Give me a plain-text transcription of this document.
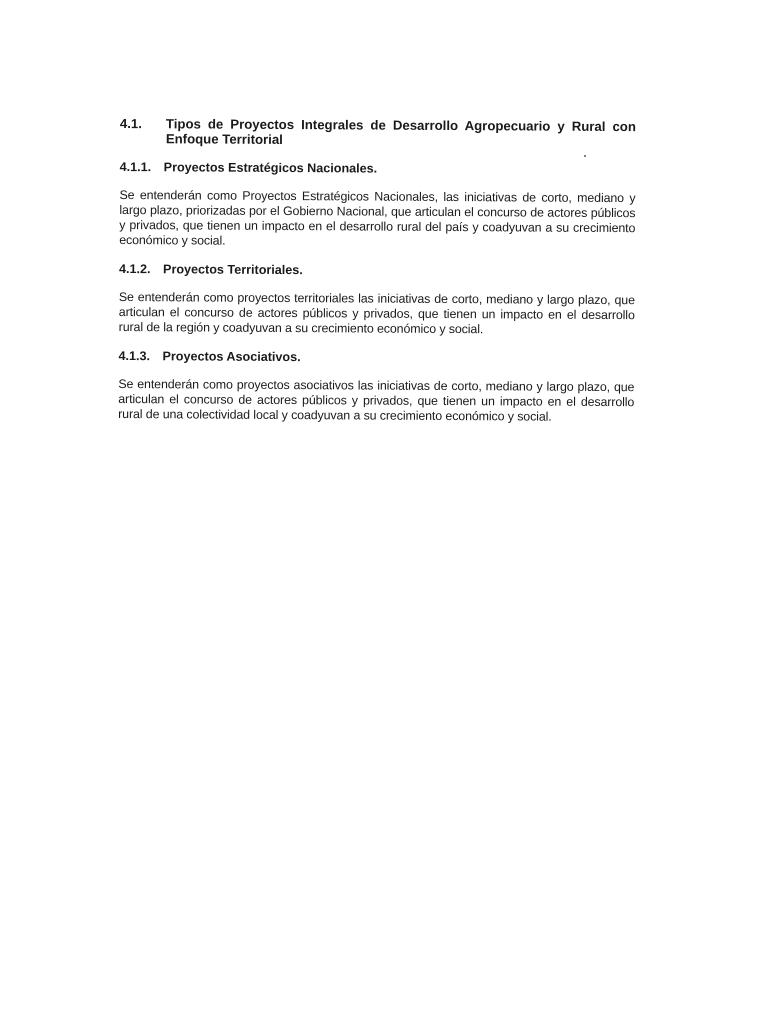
4.1.	Tipos de Proyectos Integrales de Desarrollo Agropecuario y Rural con Enfoque Territorial

4.1.1. Proyectos Estratégicos Nacionales.

Se entenderán como Proyectos Estratégicos Nacionales, las iniciativas de corto, mediano y largo plazo, priorizadas por el Gobierno Nacional, que articulan el concurso de actores públicos y privados, que tienen un impacto en el desarrollo rural del país y coadyuvan a su crecimiento económico y social.

4.1.2. Proyectos Territoriales.

Se entenderán como proyectos territoriales las iniciativas de corto, mediano y largo plazo, que articulan el concurso de actores públicos y privados, que tienen un impacto en el desarrollo rural de la región y coadyuvan a su crecimiento económico y social.

4.1.3. Proyectos Asociativos.

Se entenderán como proyectos asociativos las iniciativas de corto, mediano y largo plazo, que articulan el concurso de actores públicos y privados, que tienen un impacto en el desarrollo rural de una colectividad local y coadyuvan a su crecimiento económico y social.
